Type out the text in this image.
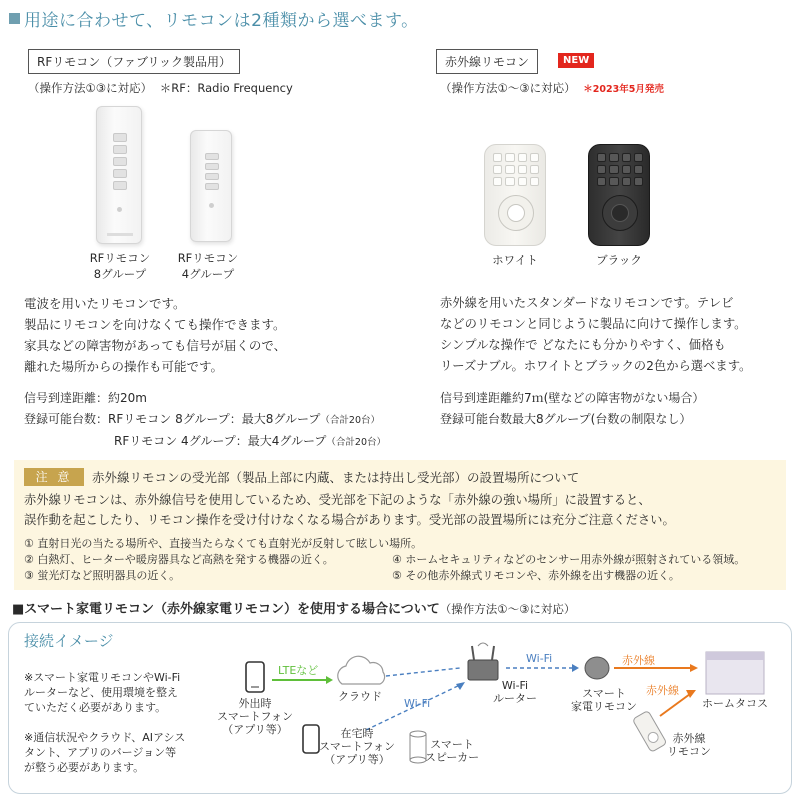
用途に合わせて、リモコンは2種類から選べます。
RFリモコン（ファブリック製品用）
（操作方法①③に対応） ＊RF：Radio Frequency
RFリモコン
8グループ
RFリモコン
4グループ
電波を用いたリモコンです。
製品にリモコンを向けなくても操作できます。
家具などの障害物があっても信号が届くので、
離れた場所からの操作も可能です。
信号到達距離：約20m
登録可能台数：RFリモコン 8グループ：最大8グループ（合計20台）
RFリモコン 4グループ：最大4グループ（合計20台）
赤外線リモコン	NEW
（操作方法①～③に対応） ＊2023年5月発売
ホワイト	ブラック
赤外線を用いたスタンダードなリモコンです。テレビ
などのリモコンと同じように製品に向けて操作します。
シンプルな操作で どなたにも分かりやすく、価格も
リーズナブル。ホワイトとブラックの2色から選べます。
信号到達距離約7ｍ(壁などの障害物がない場合）
登録可能台数最大8グループ(台数の制限なし）
注 意	赤外線リモコンの受光部（製品上部に内蔵、または持出し受光部）の設置場所について
赤外線リモコンは、赤外線信号を使用しているため、受光部を下記のような「赤外線の強い場所」に設置すると、
誤作動を起こしたり、リモコン操作を受け付けなくなる場合があります。受光部の設置場所には充分ご注意ください。
① 直射日光の当たる場所や、直接当たらなくても直射光が反射して眩しい場所。
② 白熱灯、ヒーターや暖房器具など高熱を発する機器の近く。
③ 蛍光灯など照明器具の近く。
④ ホームセキュリティなどのセンサー用赤外線が照射されている領域。
⑤ その他赤外線式リモコンや、赤外線を出す機器の近く。
■スマート家電リモコン（赤外線家電リモコン）を使用する場合について（操作方法①～③に対応）
接続イメージ
※スマート家電リモコンやWi-Fi
ルーターなど、使用環境を整え
ていただく必要があります。
※通信状況やクラウド、AIアシス
タント、アプリのバージョン等
が整う必要があります。
LTEなど
Wi-Fi
Wi-Fi
赤外線
赤外線
外出時
スマートフォン
（アプリ等）
クラウド
Wi-Fi
ルーター	スマート
家電リモコン	ホームタコス
在宅時
スマートフォン
（アプリ等）
スマート
スピーカー
赤外線
リモコン
